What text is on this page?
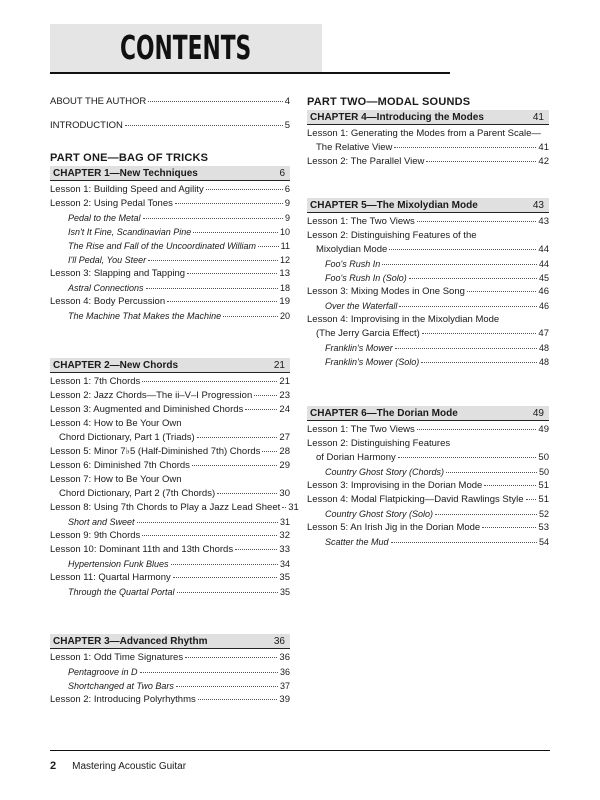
CONTENTS
ABOUT THE AUTHOR	4
INTRODUCTION	5
PART ONE—BAG OF TRICKS
CHAPTER 1—New Techniques	6
Lesson 1: Building Speed and Agility	6
Lesson 2: Using Pedal Tones	9
Pedal to the Metal	9
Isn't It Fine, Scandinavian Pine	10
The Rise and Fall of the Uncoordinated William	11
I'll Pedal, You Steer	12
Lesson 3: Slapping and Tapping	13
Astral Connections	18
Lesson 4: Body Percussion	19
The Machine That Makes the Machine	20
CHAPTER 2—New Chords	21
Lesson 1: 7th Chords	21
Lesson 2: Jazz Chords—The ii–V–I Progression	23
Lesson 3: Augmented and Diminished Chords	24
Lesson 4: How to Be Your Own
Chord Dictionary, Part 1 (Triads)	27
Lesson 5: Minor 7♭5 (Half-Diminished 7th) Chords 28
Lesson 6: Diminished 7th Chords	29
Lesson 7: How to Be Your Own
Chord Dictionary, Part 2 (7th Chords)	30
Lesson 8: Using 7th Chords to Play a Jazz Lead Sheet 31
Short and Sweet	31
Lesson 9: 9th Chords	32
Lesson 10: Dominant 11th and 13th Chords	33
Hypertension Funk Blues	34
Lesson 11: Quartal Harmony	35
Through the Quartal Portal	35
CHAPTER 3—Advanced Rhythm	36
Lesson 1: Odd Time Signatures	36
Pentagroove in D	36
Shortchanged at Two Bars	37
Lesson 2: Introducing Polyrhythms	39
PART TWO—MODAL SOUNDS
CHAPTER 4—Introducing the Modes	41
Lesson 1: Generating the Modes from a Parent Scale—
The Relative View	41
Lesson 2: The Parallel View	42
CHAPTER 5—The Mixolydian Mode	43
Lesson 1: The Two Views	43
Lesson 2: Distinguishing Features of the
Mixolydian Mode	44
Foo's Rush In	44
Foo's Rush In (Solo)	45
Lesson 3: Mixing Modes in One Song	46
Over the Waterfall	46
Lesson 4: Improvising in the Mixolydian Mode
(The Jerry Garcia Effect)	47
Franklin's Mower	48
Franklin's Mower (Solo)	48
CHAPTER 6—The Dorian Mode	49
Lesson 1: The Two Views	49
Lesson 2: Distinguishing Features
of Dorian Harmony	50
Country Ghost Story (Chords)	50
Lesson 3: Improvising in the Dorian Mode	51
Lesson 4: Modal Flatpicking—David Rawlings Style 51
Country Ghost Story (Solo)	52
Lesson 5: An Irish Jig in the Dorian Mode	53
Scatter the Mud	54
2 Mastering Acoustic Guitar
